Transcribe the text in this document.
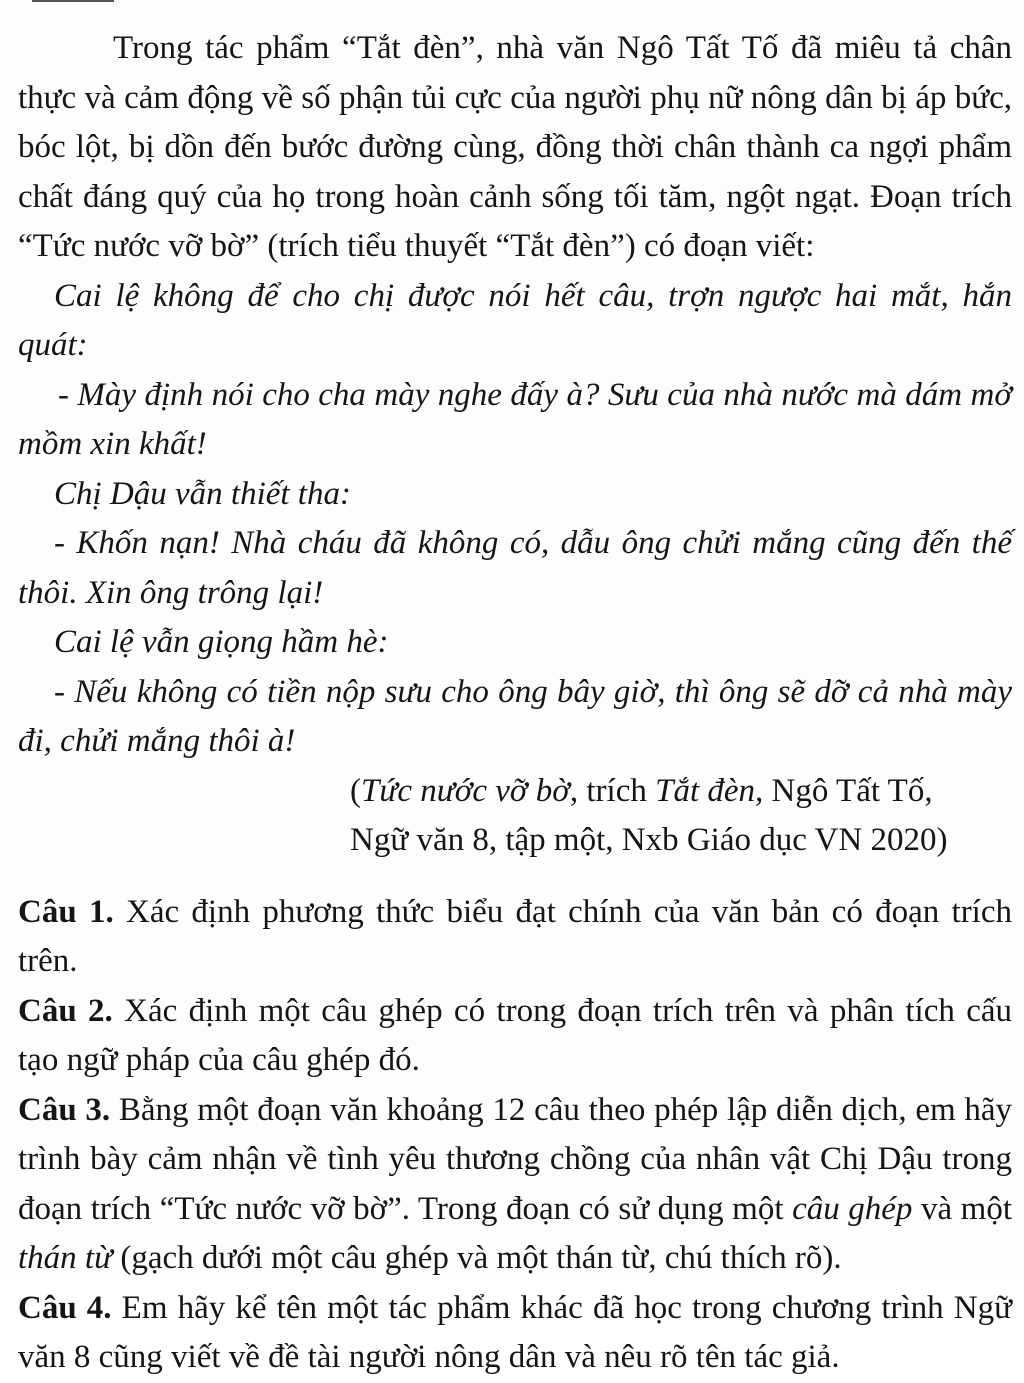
Trong tác phẩm “Tắt đèn”, nhà văn Ngô Tất Tố đã miêu tả chân thực và cảm động về số phận tủi cực của người phụ nữ nông dân bị áp bức, bóc lột, bị dồn đến bước đường cùng, đồng thời chân thành ca ngợi phẩm chất đáng quý của họ trong hoàn cảnh sống tối tăm, ngột ngạt. Đoạn trích “Tức nước vỡ bờ” (trích tiểu thuyết “Tắt đèn”) có đoạn viết:

Cai lệ không để cho chị được nói hết câu, trợn ngược hai mắt, hắn quát:

- Mày định nói cho cha mày nghe đấy à? Sưu của nhà nước mà dám mở mồm xin khất!

Chị Dậu vẫn thiết tha:

- Khốn nạn! Nhà cháu đã không có, dẫu ông chửi mắng cũng đến thế thôi. Xin ông trông lại!

Cai lệ vẫn giọng hầm hè:

- Nếu không có tiền nộp sưu cho ông bây giờ, thì ông sẽ dỡ cả nhà mày đi, chửi mắng thôi à!

(Tức nước vỡ bờ, trích Tắt đèn, Ngô Tất Tố,
Ngữ văn 8, tập một, Nxb Giáo dục VN 2020)

Câu 1. Xác định phương thức biểu đạt chính của văn bản có đoạn trích trên.

Câu 2. Xác định một câu ghép có trong đoạn trích trên và phân tích cấu tạo ngữ pháp của câu ghép đó.

Câu 3. Bằng một đoạn văn khoảng 12 câu theo phép lập diễn dịch, em hãy trình bày cảm nhận về tình yêu thương chồng của nhân vật Chị Dậu trong đoạn trích “Tức nước vỡ bờ”. Trong đoạn có sử dụng một câu ghép và một thán từ (gạch dưới một câu ghép và một thán từ, chú thích rõ).

Câu 4. Em hãy kể tên một tác phẩm khác đã học trong chương trình Ngữ văn 8 cũng viết về đề tài người nông dân và nêu rõ tên tác giả.
